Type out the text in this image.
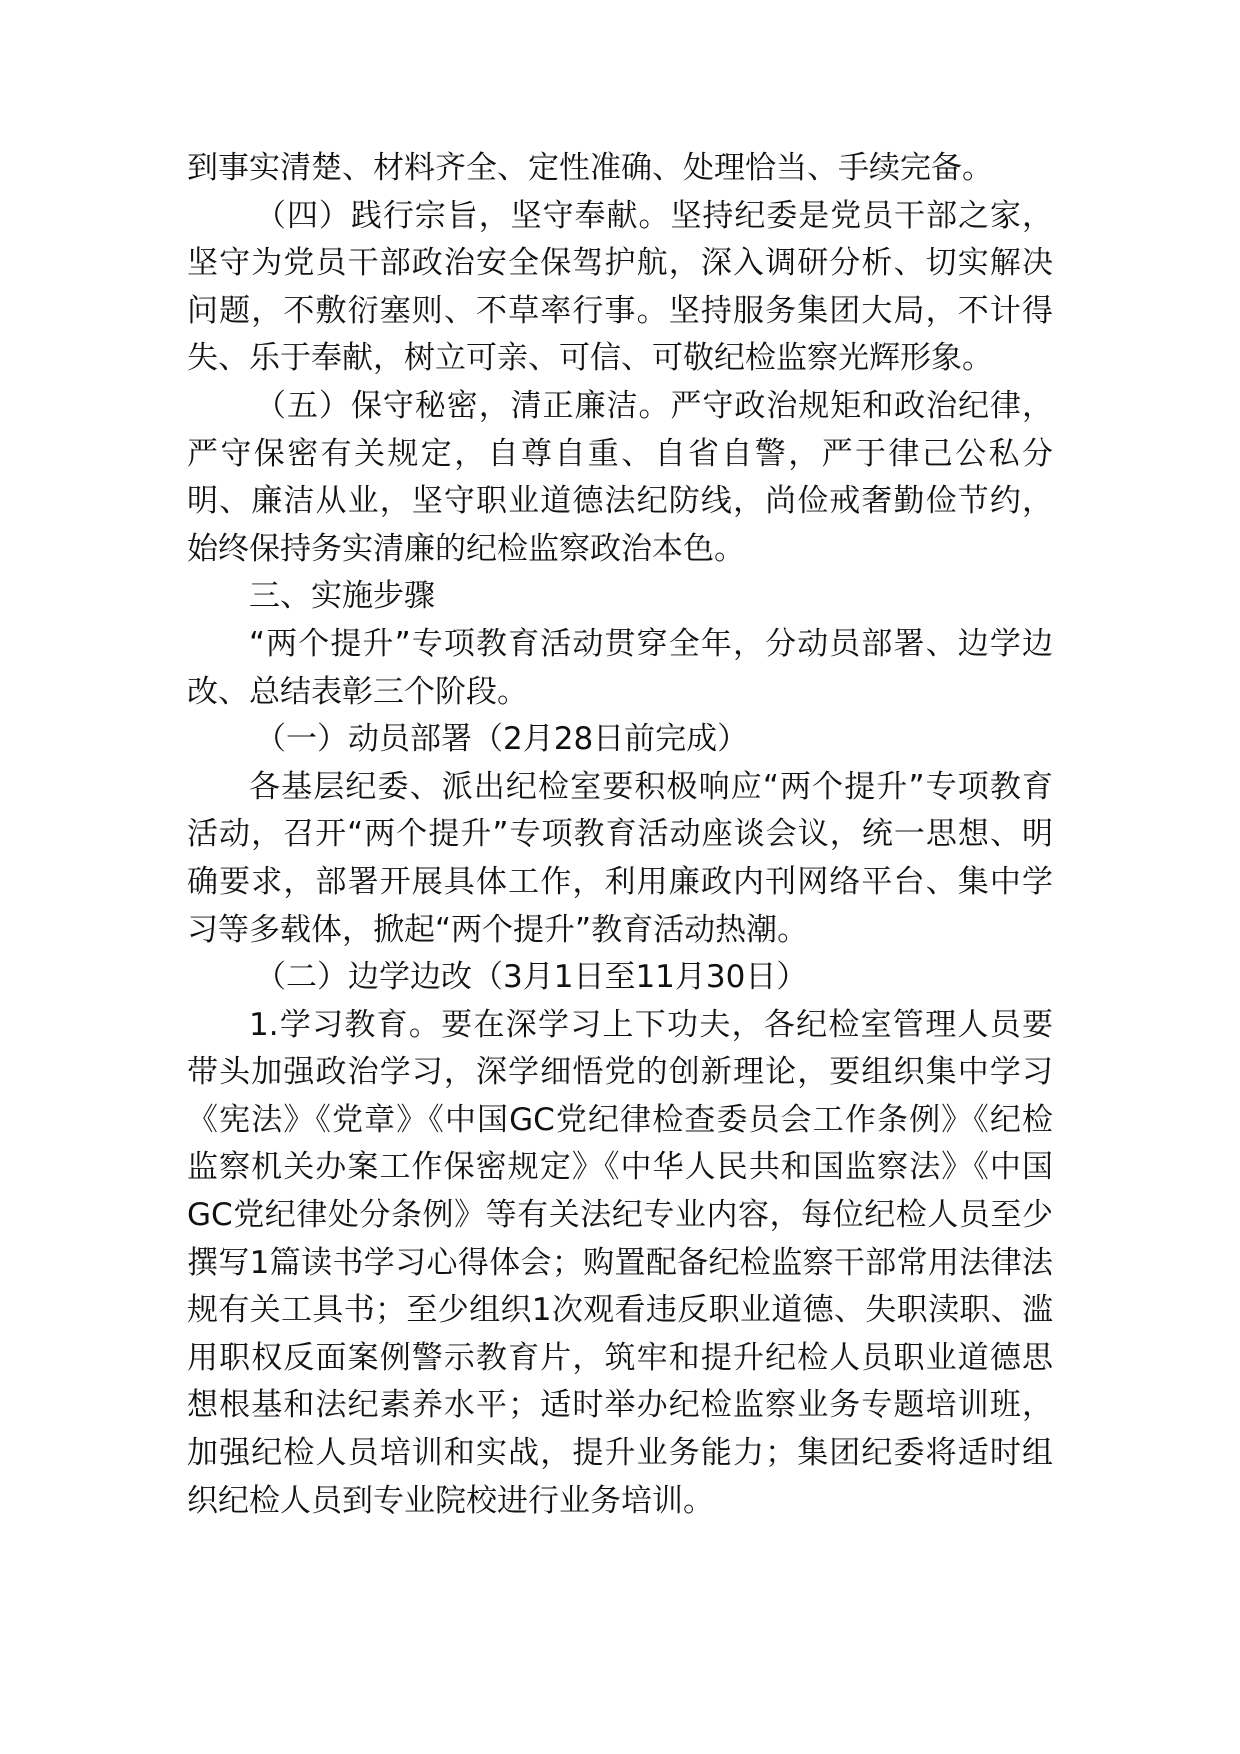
到事实清楚、材料齐全、定性准确、处理恰当、手续完备。

（四）践行宗旨，坚守奉献。坚持纪委是党员干部之家，坚守为党员干部政治安全保驾护航，深入调研分析、切实解决问题，不敷衍塞则、不草率行事。坚持服务集团大局，不计得失、乐于奉献，树立可亲、可信、可敬纪检监察光辉形象。

（五）保守秘密，清正廉洁。严守政治规矩和政治纪律，严守保密有关规定，自尊自重、自省自警，严于律己公私分明、廉洁从业，坚守职业道德法纪防线，尚俭戒奢勤俭节约，始终保持务实清廉的纪检监察政治本色。

三、实施步骤

“两个提升”专项教育活动贯穿全年，分动员部署、边学边改、总结表彰三个阶段。

（一）动员部署（2月28日前完成）

各基层纪委、派出纪检室要积极响应“两个提升”专项教育活动，召开“两个提升”专项教育活动座谈会议，统一思想、明确要求，部署开展具体工作，利用廉政内刊网络平台、集中学习等多载体，掀起“两个提升”教育活动热潮。

（二）边学边改（3月1日至11月30日）

1.学习教育。要在深学习上下功夫，各纪检室管理人员要带头加强政治学习，深学细悟党的创新理论，要组织集中学习《宪法》《党章》《中国GC党纪律检查委员会工作条例》《纪检监察机关办案工作保密规定》《中华人民共和国监察法》《中国GC党纪律处分条例》等有关法纪专业内容，每位纪检人员至少撰写1篇读书学习心得体会；购置配备纪检监察干部常用法律法规有关工具书；至少组织1次观看违反职业道德、失职渎职、滥用职权反面案例警示教育片，筑牢和提升纪检人员职业道德思想根基和法纪素养水平；适时举办纪检监察业务专题培训班，加强纪检人员培训和实战，提升业务能力；集团纪委将适时组织纪检人员到专业院校进行业务培训。
